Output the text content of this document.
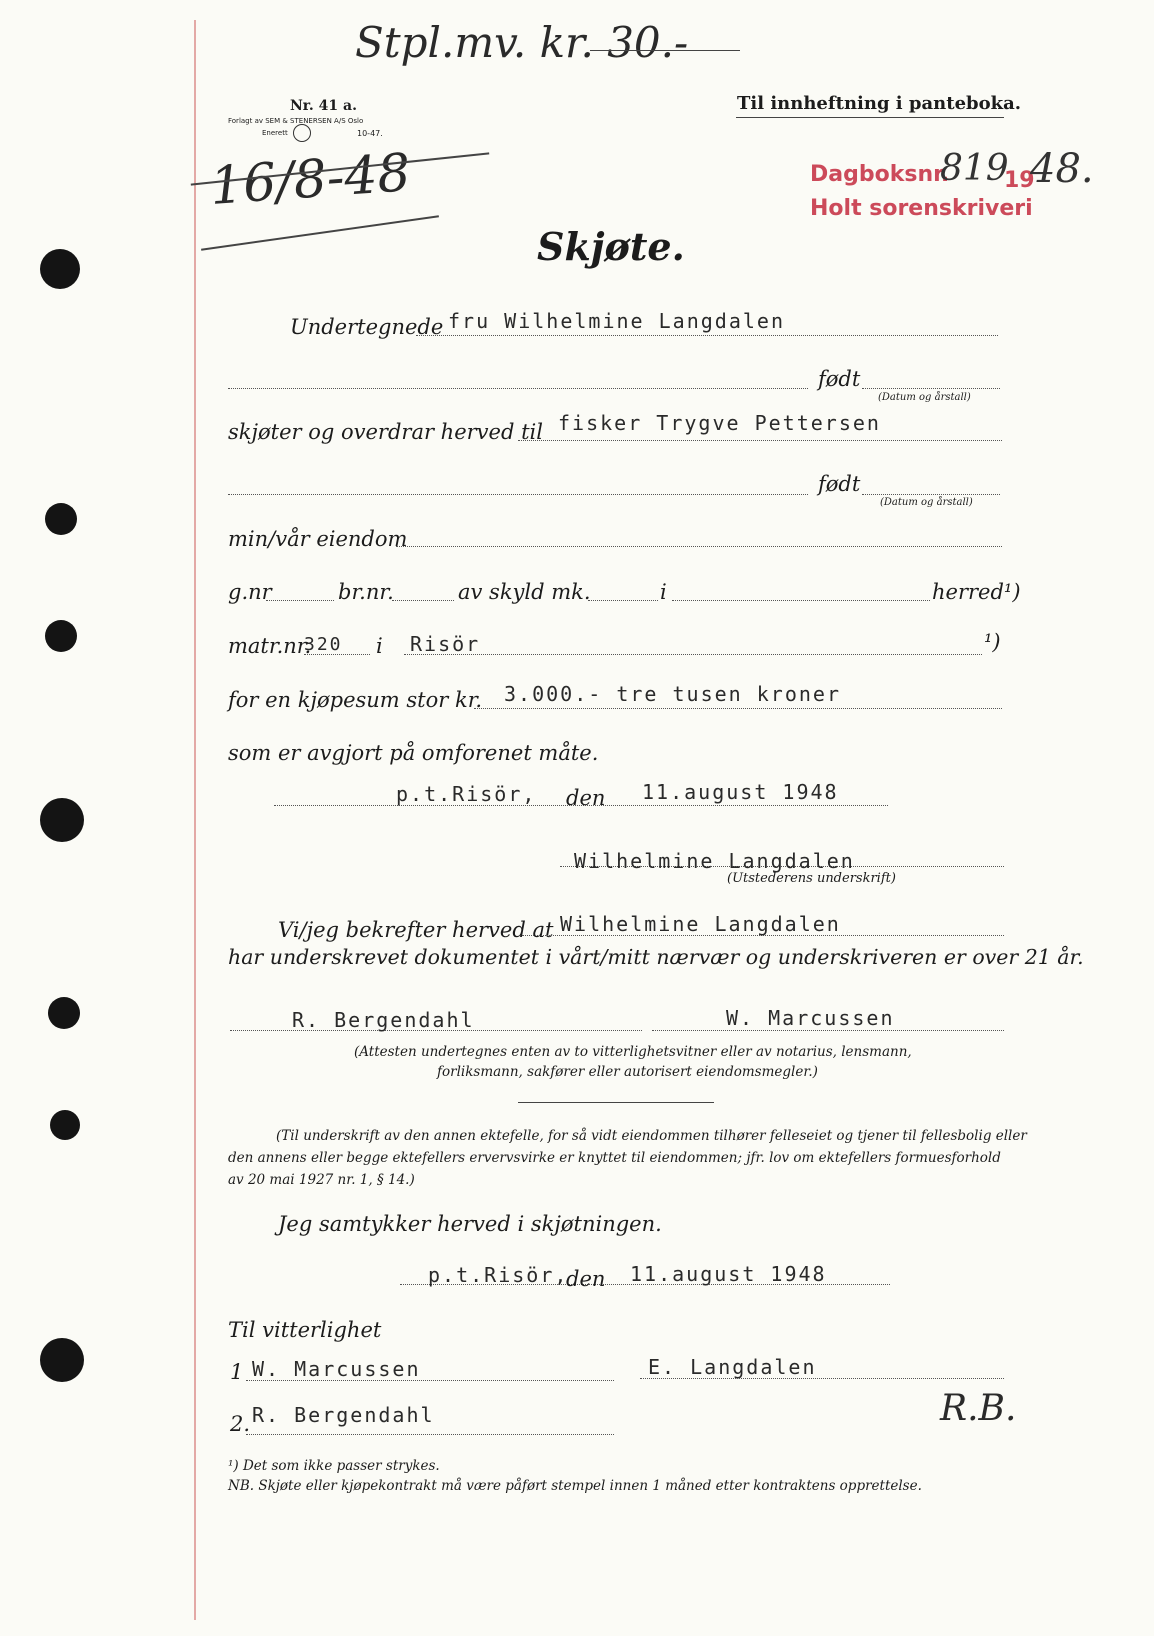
Stpl.mv. kr. 30.-
Nr. 41 a.
Forlagt av SEM & STENERSEN A/S Oslo
Enerett	10-47.
16/8-48
Til innheftning i panteboka.
Dagboksnr.
819
19
48.
Holt sorenskriveri
Skjøte.
Undertegnede fru Wilhelmine Langdalen
født
(Datum og årstall)
skjøter og overdrar herved til fisker Trygve Pettersen
født
(Datum og årstall)
min/vår eiendom
g.nr	br.nr.	av skyld mk.	i	herred¹)
matr.nr.
320 i Risör	¹)
for en kjøpesum stor kr. 3.000.- tre tusen kroner
som er avgjort på omforenet måte.
p.t.Risör, den 11.august 1948
Wilhelmine Langdalen
(Utstederens underskrift)
Vi/jeg bekrefter herved at Wilhelmine Langdalen
har underskrevet dokumentet i vårt/mitt nærvær og underskriveren er over 21 år.
R. Bergendahl	W. Marcussen
(Attesten undertegnes enten av to vitterlighetsvitner eller av notarius, lensmann,
forliksmann, sakfører eller autorisert eiendomsmegler.)
(Til underskrift av den annen ektefelle, for så vidt eiendommen tilhører felleseiet og tjener til fellesbolig eller
den annens eller begge ektefellers ervervsvirke er knyttet til eiendommen; jfr. lov om ektefellers formuesforhold
av 20 mai 1927 nr. 1, § 14.)
Jeg samtykker herved i skjøtningen.
p.t.Risör,
den 11.august 1948
Til vitterlighet
1 W. Marcussen	E. Langdalen
2. R. Bergendahl	R.B.
¹) Det som ikke passer strykes.
NB. Skjøte eller kjøpekontrakt må være påført stempel innen 1 måned etter kontraktens opprettelse.
